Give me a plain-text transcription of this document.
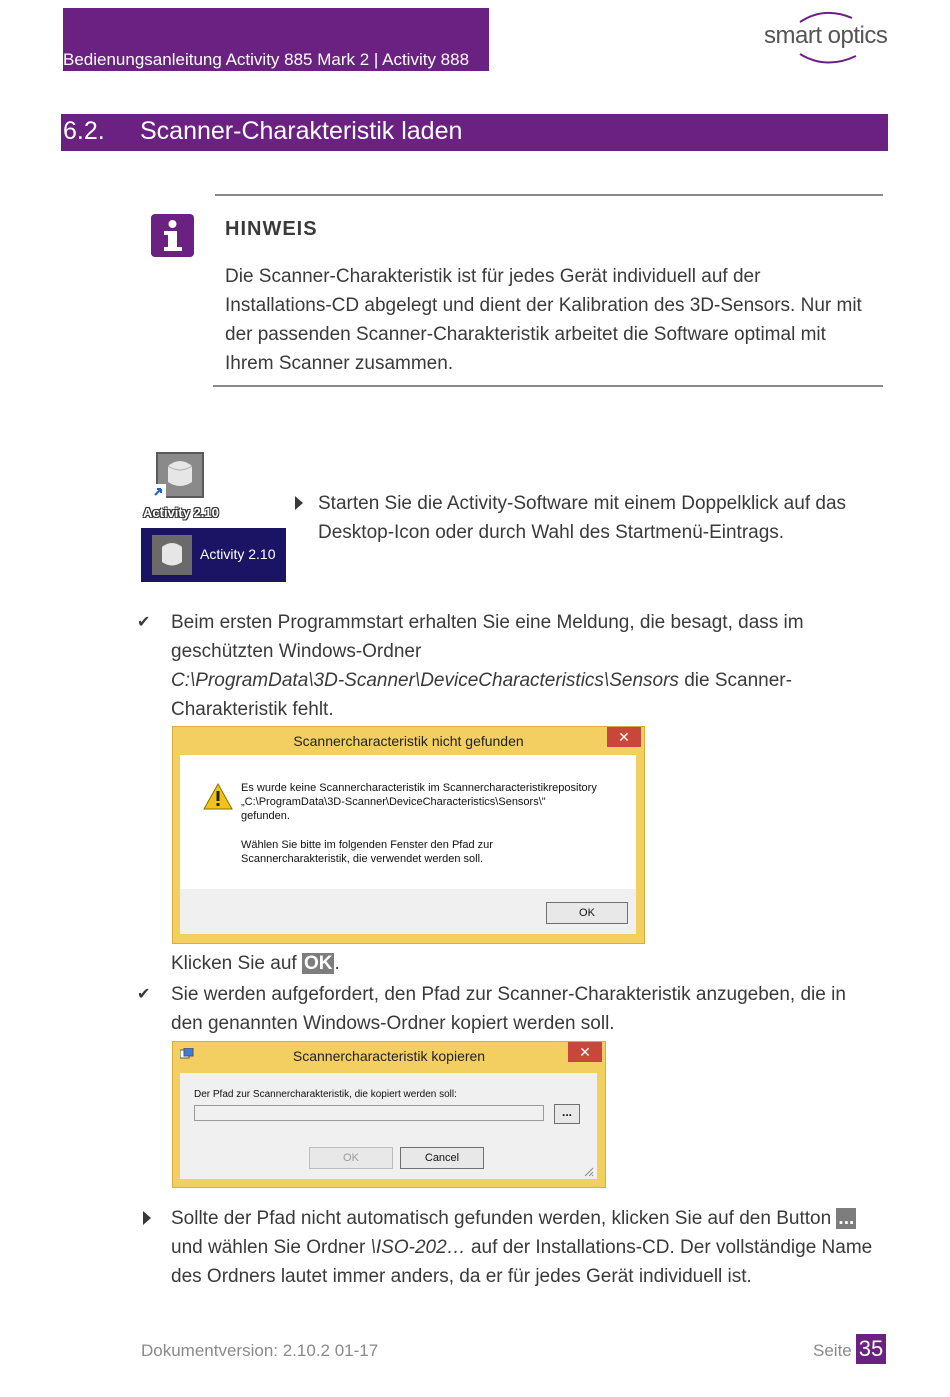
Bedienungsanleitung Activity 885 Mark 2 | Activity 888
smart optics
6.2. Scanner-Charakteristik laden
HINWEIS
Die Scanner-Charakteristik ist für jedes Gerät individuell auf der
Installations-CD abgelegt und dient der Kalibration des 3D-Sensors. Nur mit
der passenden Scanner-Charakteristik arbeitet die Software optimal mit
Ihrem Scanner zusammen.
Activity 2.10
Activity 2.10
Starten Sie die Activity-Software mit einem Doppelklick auf das
Desktop-Icon oder durch Wahl des Startmenü-Eintrags.
✔ Beim ersten Programmstart erhalten Sie eine Meldung, die besagt, dass im
geschützten Windows-Ordner
C:\ProgramData\3D-Scanner\DeviceCharacteristics\Sensors die Scanner-
Charakteristik fehlt.
Scannercharacteristik nicht gefunden	✕
Es wurde keine Scannercharacteristik im Scannercharacteristikrepository
„C:\ProgramData\3D-Scanner\DeviceCharacteristics\Sensors\"
gefunden.
Wählen Sie bitte im folgenden Fenster den Pfad zur
Scannercharakteristik, die verwendet werden soll.
OK
Klicken Sie auf OK .
✔ Sie werden aufgefordert, den Pfad zur Scanner-Charakteristik anzugeben, die in
den genannten Windows-Ordner kopiert werden soll.
Scannercharacteristik kopieren	✕
Der Pfad zur Scannercharakteristik, die kopiert werden soll:
...
OK	Cancel
Sollte der Pfad nicht automatisch gefunden werden, klicken Sie auf den Button ...
und wählen Sie Ordner \ISO-202… auf der Installations-CD. Der vollständige Name
des Ordners lautet immer anders, da er für jedes Gerät individuell ist.
Dokumentversion: 2.10.2 01-17	Seite 35
